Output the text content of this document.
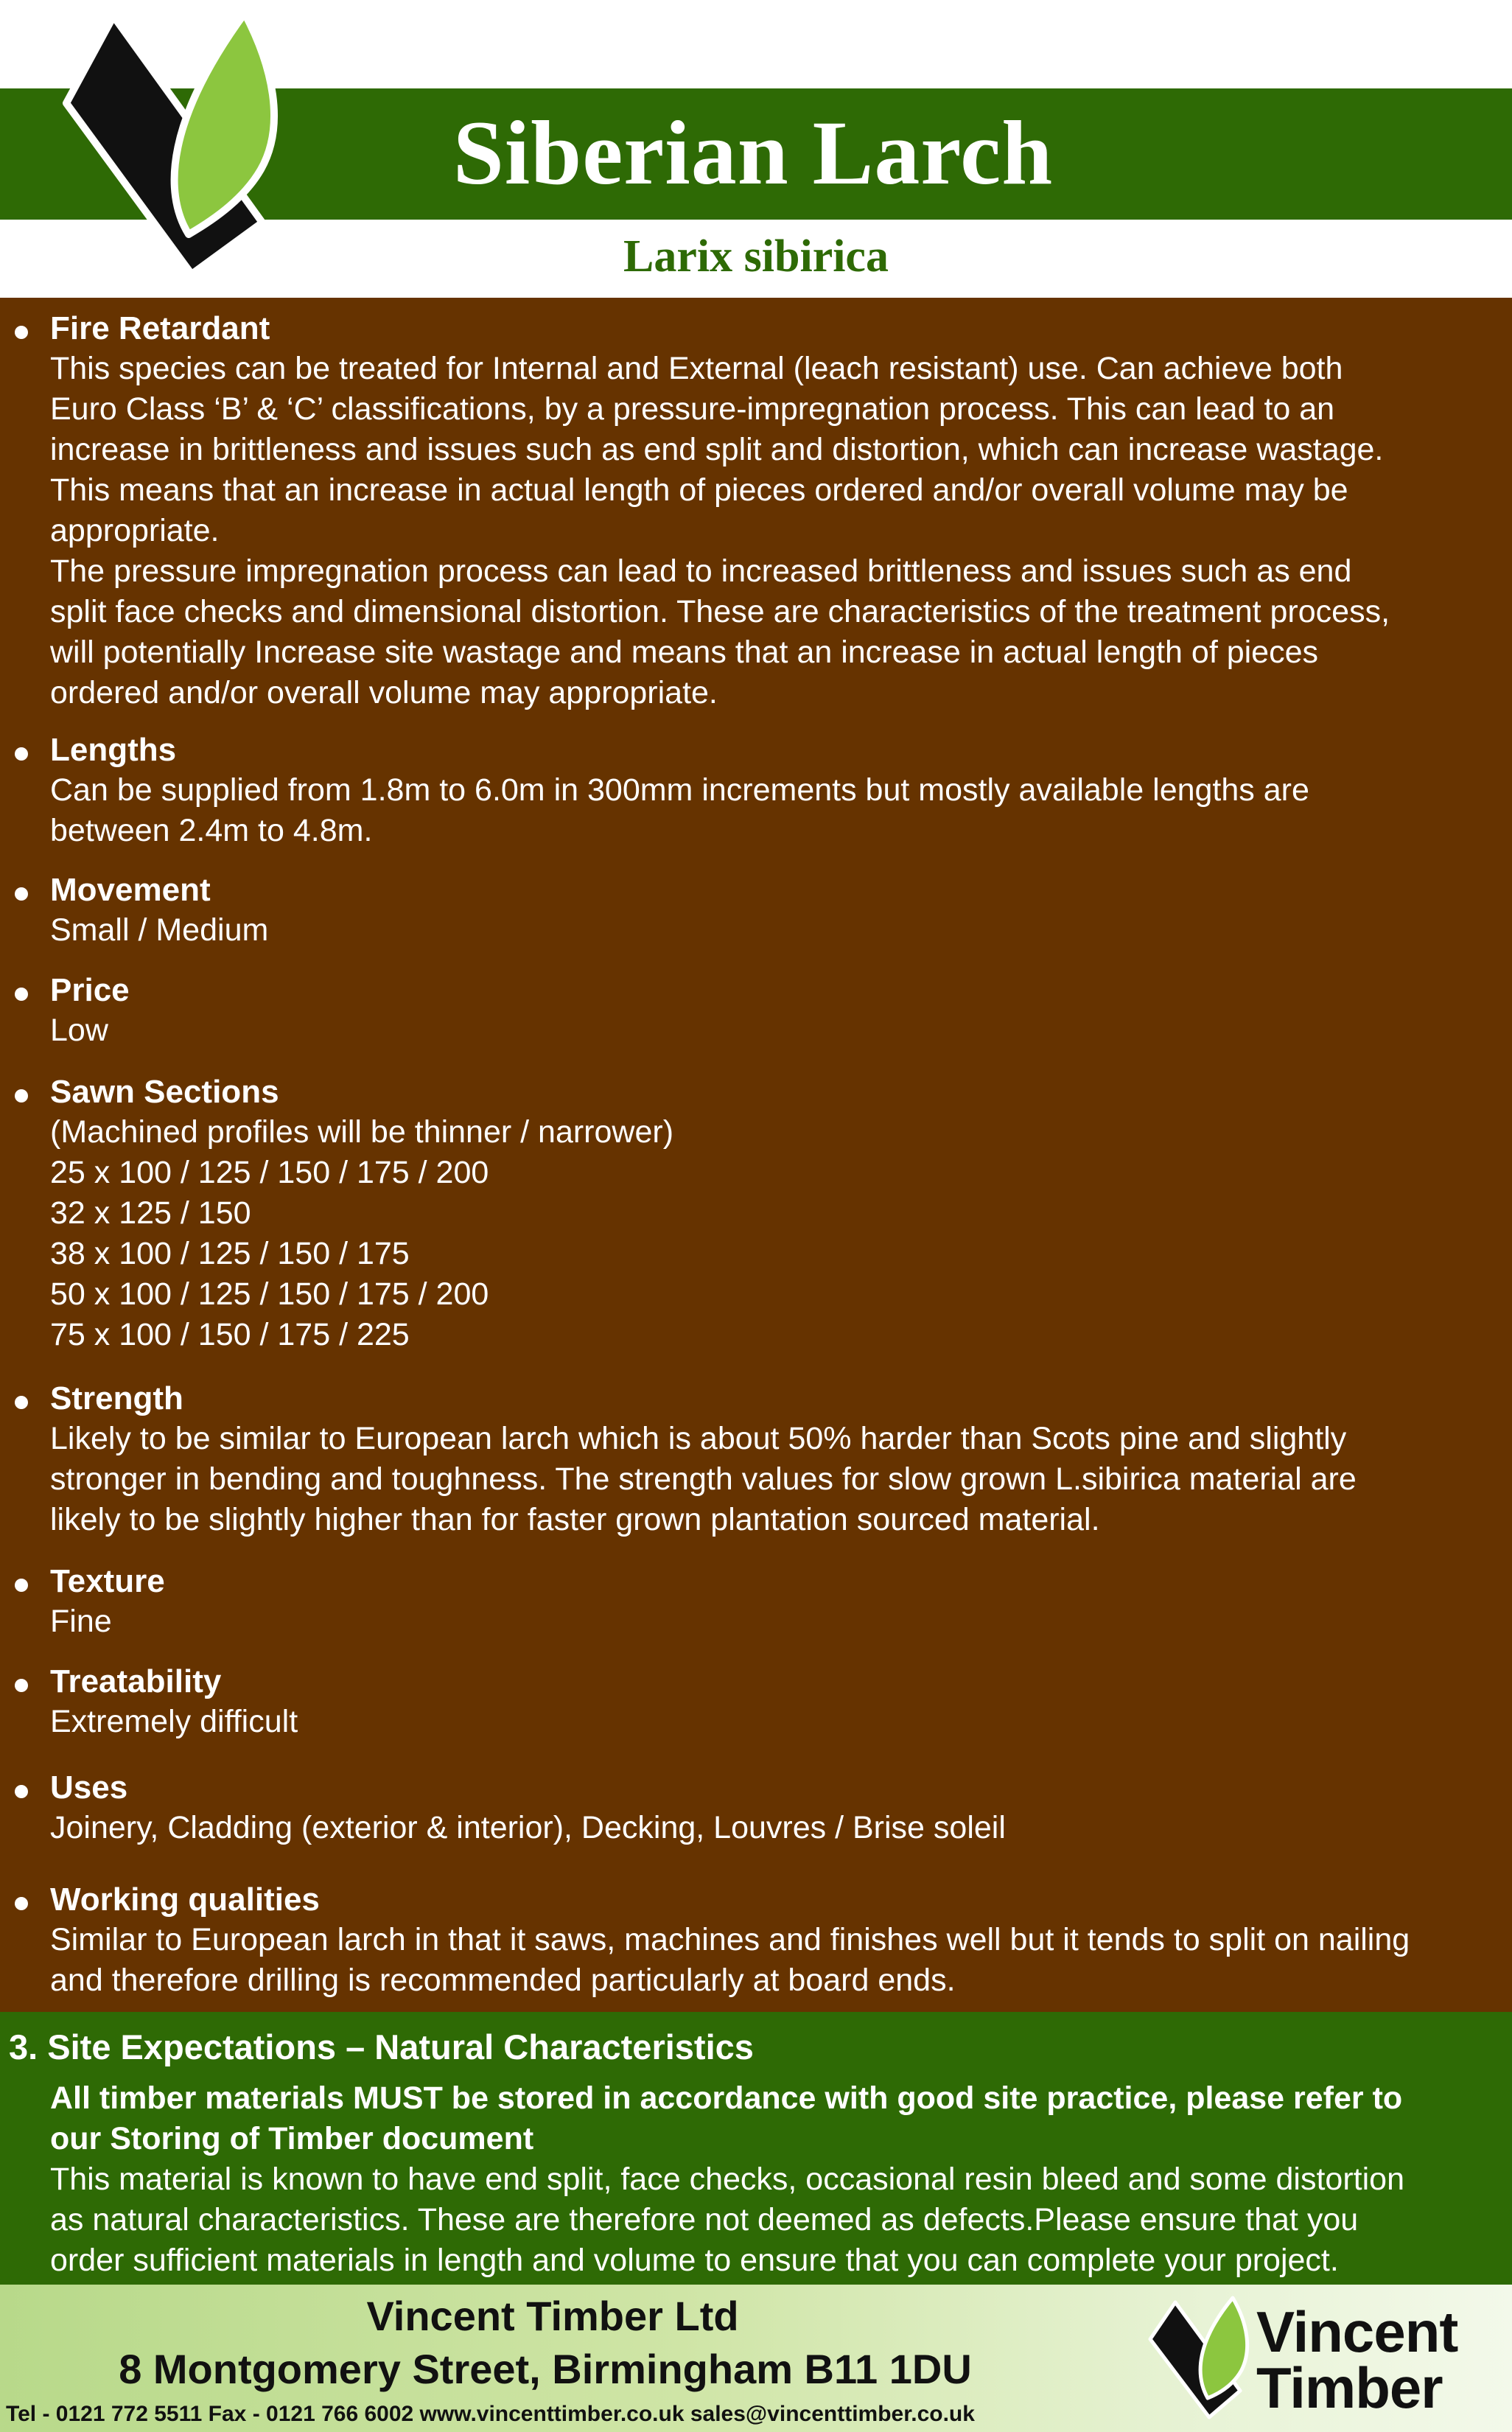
Siberian Larch
Larix sibirica
Fire Retardant
This species can be treated for Internal and External (leach resistant) use. Can achieve both
Euro Class ‘B’ & ‘C’ classifications, by a pressure-impregnation process. This can lead to an
increase in brittleness and issues such as end split and distortion, which can increase wastage.
This means that an increase in actual length of pieces ordered and/or overall volume may be
appropriate.
The pressure impregnation process can lead to increased brittleness and issues such as end
split face checks and dimensional distortion. These are characteristics of the treatment process,
will potentially Increase site wastage and means that an increase in actual length of pieces
ordered and/or overall volume may appropriate.
Lengths
Can be supplied from 1.8m to 6.0m in 300mm increments but mostly available lengths are
between 2.4m to 4.8m.
Movement
Small / Medium
Price
Low
Sawn Sections
(Machined profiles will be thinner / narrower)
25 x 100 / 125 / 150 / 175 / 200
32 x 125 / 150
38 x 100 / 125 / 150 / 175
50 x 100 / 125 / 150 / 175 / 200
75 x 100 / 150 / 175 / 225
Strength
Likely to be similar to European larch which is about 50% harder than Scots pine and slightly
stronger in bending and toughness. The strength values for slow grown L.sibirica material are
likely to be slightly higher than for faster grown plantation sourced material.
Texture
Fine
Treatability
Extremely difficult
Uses
Joinery, Cladding (exterior & interior), Decking, Louvres / Brise soleil
Working qualities
Similar to European larch in that it saws, machines and finishes well but it tends to split on nailing
and therefore drilling is recommended particularly at board ends.
3. Site Expectations – Natural Characteristics
All timber materials MUST be stored in accordance with good site practice, please refer to
our Storing of Timber document
This material is known to have end split, face checks, occasional resin bleed and some distortion
as natural characteristics. These are therefore not deemed as defects.Please ensure that you
order sufficient materials in length and volume to ensure that you can complete your project.
Vincent Timber Ltd
8 Montgomery Street, Birmingham B11 1DU
Tel - 0121 772 5511 Fax - 0121 766 6002 www.vincenttimber.co.uk sales@vincenttimber.co.uk
Vincent
Timber
